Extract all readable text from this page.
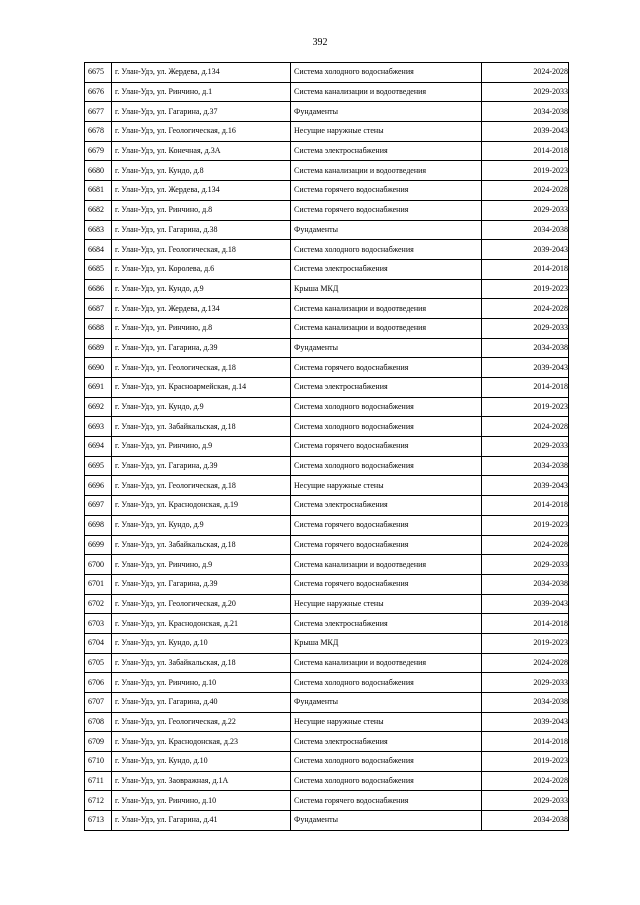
392
6675	г. Улан-Удэ, ул. Жердева, д.134	Система холодного водоснабжения	2024-2028
6676	г. Улан-Удэ, ул. Ринчино, д.1	Система канализации и водоотведения	2029-2033
6677	г. Улан-Удэ, ул. Гагарина, д.37	Фундаменты	2034-2038
6678	г. Улан-Удэ, ул. Геологическая, д.16	Несущие наружные стены	2039-2043
6679	г. Улан-Удэ, ул. Конечная, д.3А	Система электроснабжения	2014-2018
6680	г. Улан-Удэ, ул. Кундо, д.8	Система канализации и водоотведения	2019-2023
6681	г. Улан-Удэ, ул. Жердева, д.134	Система горячего водоснабжения	2024-2028
6682	г. Улан-Удэ, ул. Ринчино, д.8	Система горячего водоснабжения	2029-2033
6683	г. Улан-Удэ, ул. Гагарина, д.38	Фундаменты	2034-2038
6684	г. Улан-Удэ, ул. Геологическая, д.18	Система холодного водоснабжения	2039-2043
6685	г. Улан-Удэ, ул. Королева, д.6	Система электроснабжения	2014-2018
6686	г. Улан-Удэ, ул. Кундо, д.9	Крыша МКД	2019-2023
6687	г. Улан-Удэ, ул. Жердева, д.134	Система канализации и водоотведения	2024-2028
6688	г. Улан-Удэ, ул. Ринчино, д.8	Система канализации и водоотведения	2029-2033
6689	г. Улан-Удэ, ул. Гагарина, д.39	Фундаменты	2034-2038
6690	г. Улан-Удэ, ул. Геологическая, д.18	Система горячего водоснабжения	2039-2043
6691	г. Улан-Удэ, ул. Красноармейская, д.14	Система электроснабжения	2014-2018
6692	г. Улан-Удэ, ул. Кундо, д.9	Система холодного водоснабжения	2019-2023
6693	г. Улан-Удэ, ул. Забайкальская, д.18	Система холодного водоснабжения	2024-2028
6694	г. Улан-Удэ, ул. Ринчино, д.9	Система горячего водоснабжения	2029-2033
6695	г. Улан-Удэ, ул. Гагарина, д.39	Система холодного водоснабжения	2034-2038
6696	г. Улан-Удэ, ул. Геологическая, д.18	Несущие наружные стены	2039-2043
6697	г. Улан-Удэ, ул. Краснодонская, д.19	Система электроснабжения	2014-2018
6698	г. Улан-Удэ, ул. Кундо, д.9	Система горячего водоснабжения	2019-2023
6699	г. Улан-Удэ, ул. Забайкальская, д.18	Система горячего водоснабжения	2024-2028
6700	г. Улан-Удэ, ул. Ринчино, д.9	Система канализации и водоотведения	2029-2033
6701	г. Улан-Удэ, ул. Гагарина, д.39	Система горячего водоснабжения	2034-2038
6702	г. Улан-Удэ, ул. Геологическая, д.20	Несущие наружные стены	2039-2043
6703	г. Улан-Удэ, ул. Краснодонская, д.21	Система электроснабжения	2014-2018
6704	г. Улан-Удэ, ул. Кундо, д.10	Крыша МКД	2019-2023
6705	г. Улан-Удэ, ул. Забайкальская, д.18	Система канализации и водоотведения	2024-2028
6706	г. Улан-Удэ, ул. Ринчино, д.10	Система холодного водоснабжения	2029-2033
6707	г. Улан-Удэ, ул. Гагарина, д.40	Фундаменты	2034-2038
6708	г. Улан-Удэ, ул. Геологическая, д.22	Несущие наружные стены	2039-2043
6709	г. Улан-Удэ, ул. Краснодонская, д.23	Система электроснабжения	2014-2018
6710	г. Улан-Удэ, ул. Кундо, д.10	Система холодного водоснабжения	2019-2023
6711	г. Улан-Удэ, ул. Заовражная, д.1А	Система холодного водоснабжения	2024-2028
6712	г. Улан-Удэ, ул. Ринчино, д.10	Система горячего водоснабжения	2029-2033
6713	г. Улан-Удэ, ул. Гагарина, д.41	Фундаменты	2034-2038
